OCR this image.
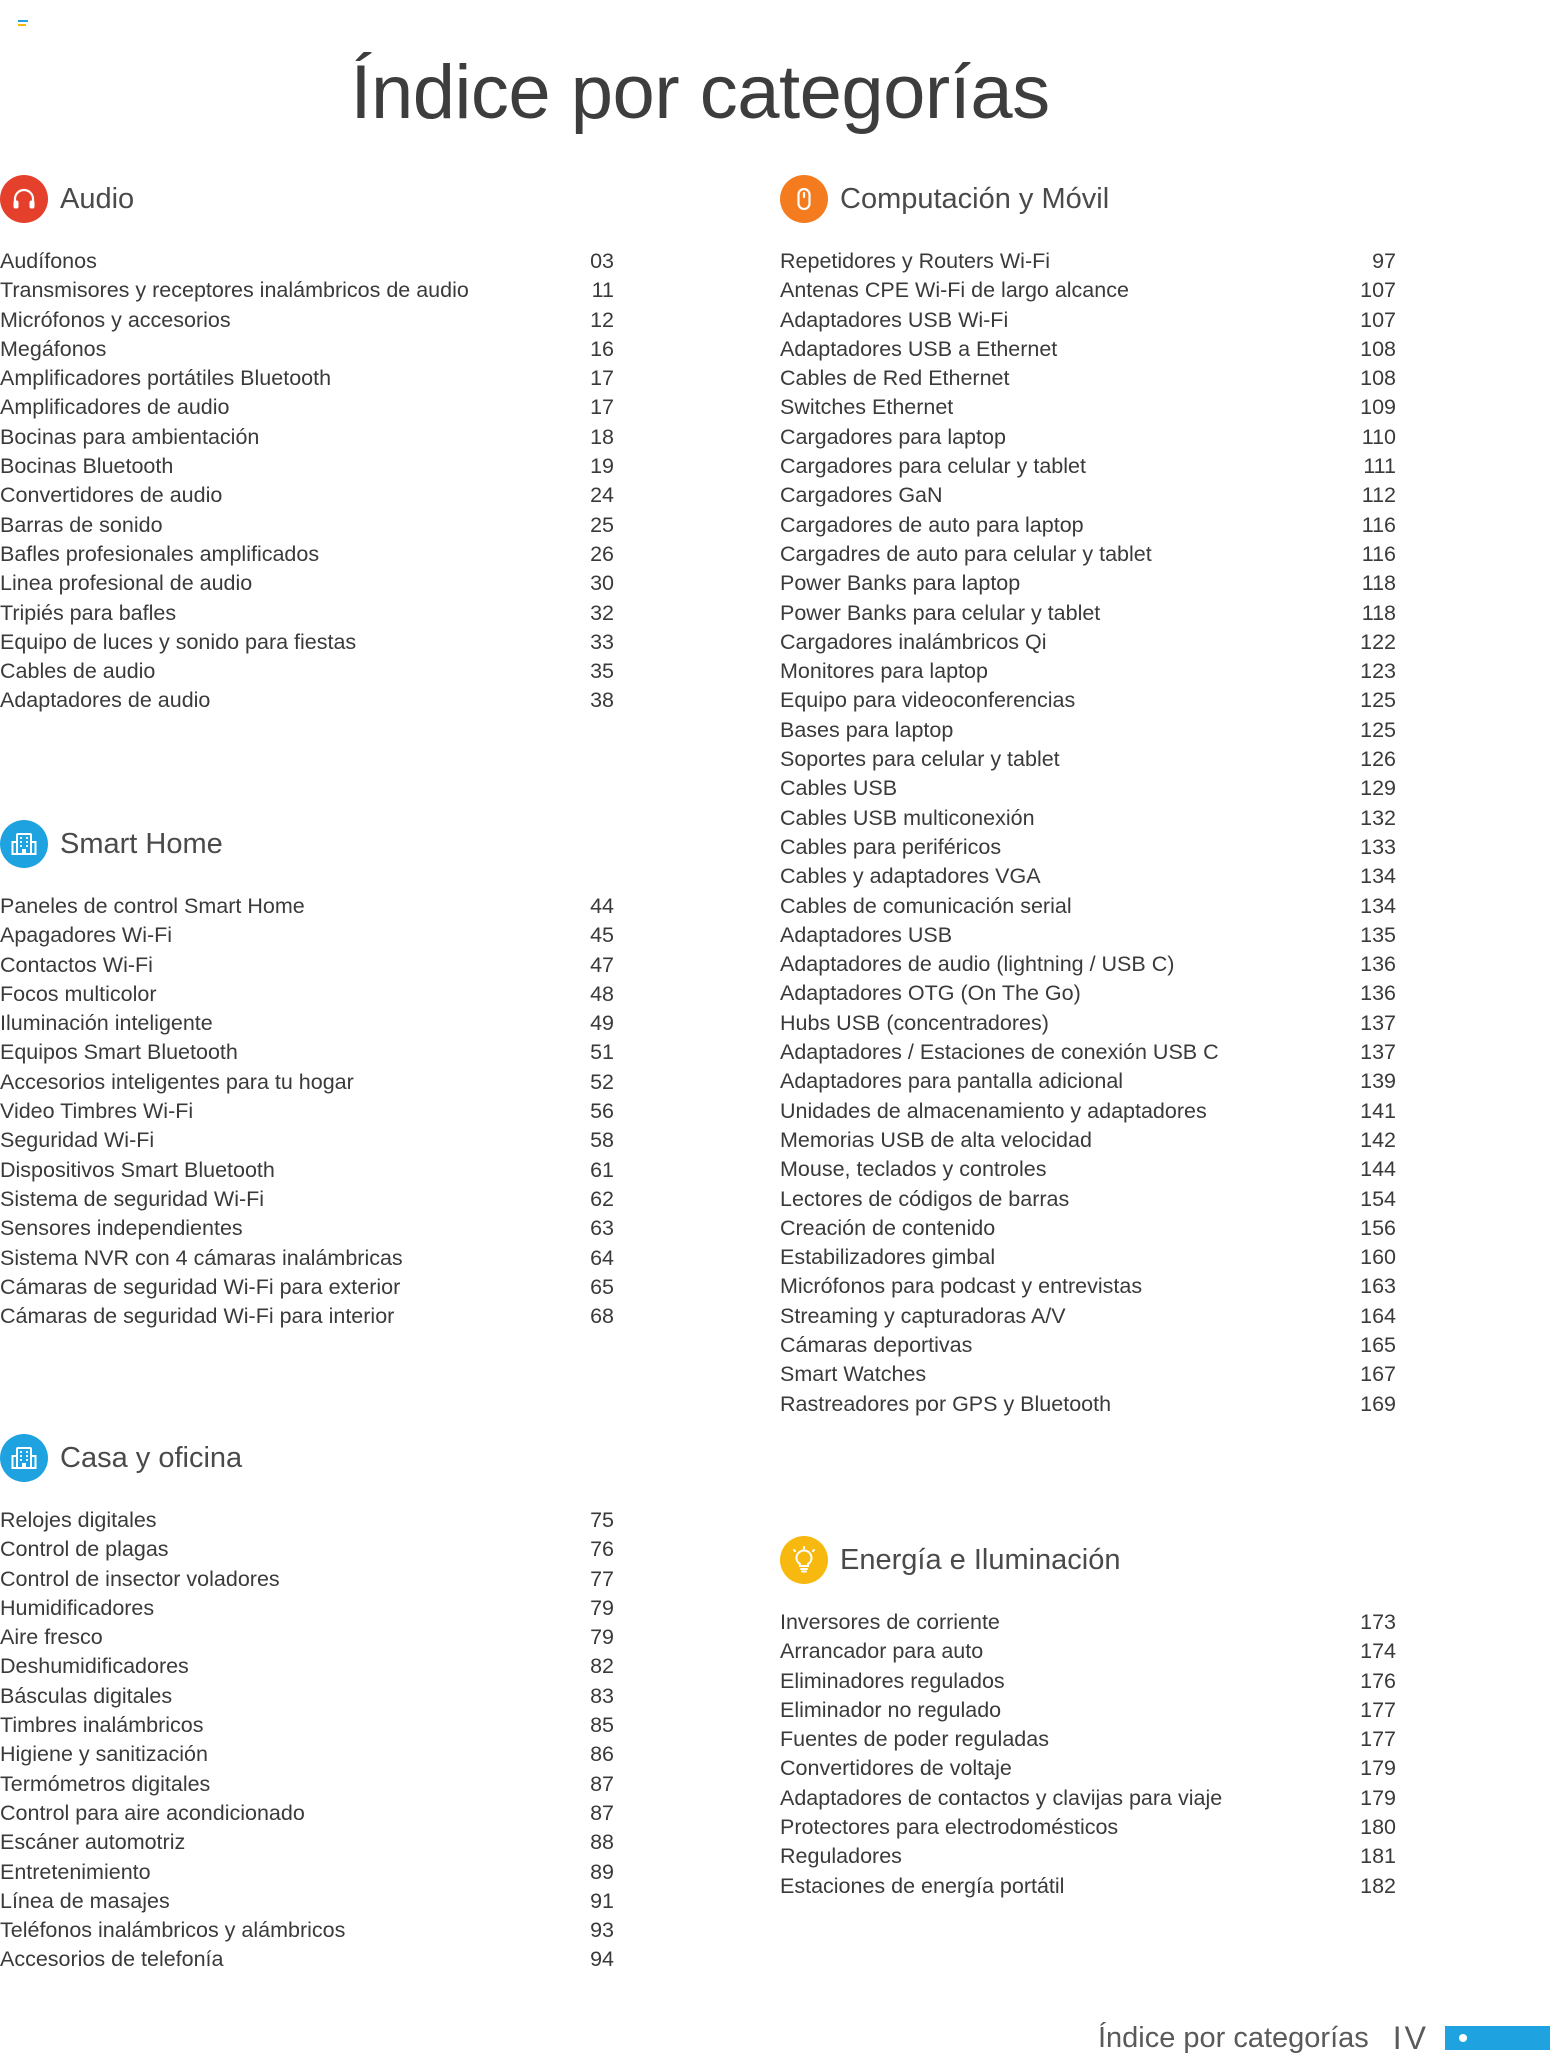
Índice por categorías
Audio
Audífonos	03
Transmisores y receptores inalámbricos de audio	11
Micrófonos y accesorios	12
Megáfonos	16
Amplificadores portátiles Bluetooth	17
Amplificadores de audio	17
Bocinas para ambientación	18
Bocinas Bluetooth	19
Convertidores de audio	24
Barras de sonido	25
Bafles profesionales amplificados	26
Linea profesional de audio	30
Tripiés para bafles	32
Equipo de luces y sonido para fiestas	33
Cables de audio	35
Adaptadores de audio	38
Smart Home
Paneles de control Smart Home	44
Apagadores Wi-Fi	45
Contactos Wi-Fi	47
Focos multicolor	48
Iluminación inteligente	49
Equipos Smart Bluetooth	51
Accesorios inteligentes para tu hogar	52
Video Timbres Wi-Fi	56
Seguridad Wi-Fi	58
Dispositivos Smart Bluetooth	61
Sistema de seguridad Wi-Fi	62
Sensores independientes	63
Sistema NVR con 4 cámaras inalámbricas	64
Cámaras de seguridad Wi-Fi para exterior	65
Cámaras de seguridad Wi-Fi para interior	68
Casa y oficina
Relojes digitales	75
Control de plagas	76
Control de insector voladores	77
Humidificadores	79
Aire fresco	79
Deshumidificadores	82
Básculas digitales	83
Timbres inalámbricos	85
Higiene y sanitización	86
Termómetros digitales	87
Control para aire acondicionado	87
Escáner automotriz	88
Entretenimiento	89
Línea de masajes	91
Teléfonos inalámbricos y alámbricos	93
Accesorios de telefonía	94
Computación y Móvil
Repetidores y Routers Wi-Fi	97
Antenas CPE Wi-Fi de largo alcance	107
Adaptadores USB Wi-Fi	107
Adaptadores USB a Ethernet	108
Cables de Red Ethernet	108
Switches Ethernet	109
Cargadores para laptop	110
Cargadores para celular y tablet	111
Cargadores GaN	112
Cargadores de auto para laptop	116
Cargadres de auto para celular y tablet	116
Power Banks para laptop	118
Power Banks para celular y tablet	118
Cargadores inalámbricos Qi	122
Monitores para laptop	123
Equipo para videoconferencias	125
Bases para laptop	125
Soportes para celular y tablet	126
Cables USB	129
Cables USB multiconexión	132
Cables para periféricos	133
Cables y adaptadores VGA	134
Cables de comunicación serial	134
Adaptadores USB	135
Adaptadores de audio (lightning / USB C)	136
Adaptadores OTG (On The Go)	136
Hubs USB (concentradores)	137
Adaptadores / Estaciones de conexión USB C	137
Adaptadores para pantalla adicional	139
Unidades de almacenamiento y adaptadores	141
Memorias USB de alta velocidad	142
Mouse, teclados y controles	144
Lectores de códigos de barras	154
Creación de contenido	156
Estabilizadores gimbal	160
Micrófonos para podcast y entrevistas	163
Streaming y capturadoras A/V	164
Cámaras deportivas	165
Smart Watches	167
Rastreadores por GPS y Bluetooth	169
Energía e Iluminación
Inversores de corriente	173
Arrancador para auto	174
Eliminadores regulados	176
Eliminador no regulado	177
Fuentes de poder reguladas	177
Convertidores de voltaje	179
Adaptadores de contactos y clavijas para viaje	179
Protectores para electrodomésticos	180
Reguladores	181
Estaciones de energía portátil	182
Índice por categorías IV
